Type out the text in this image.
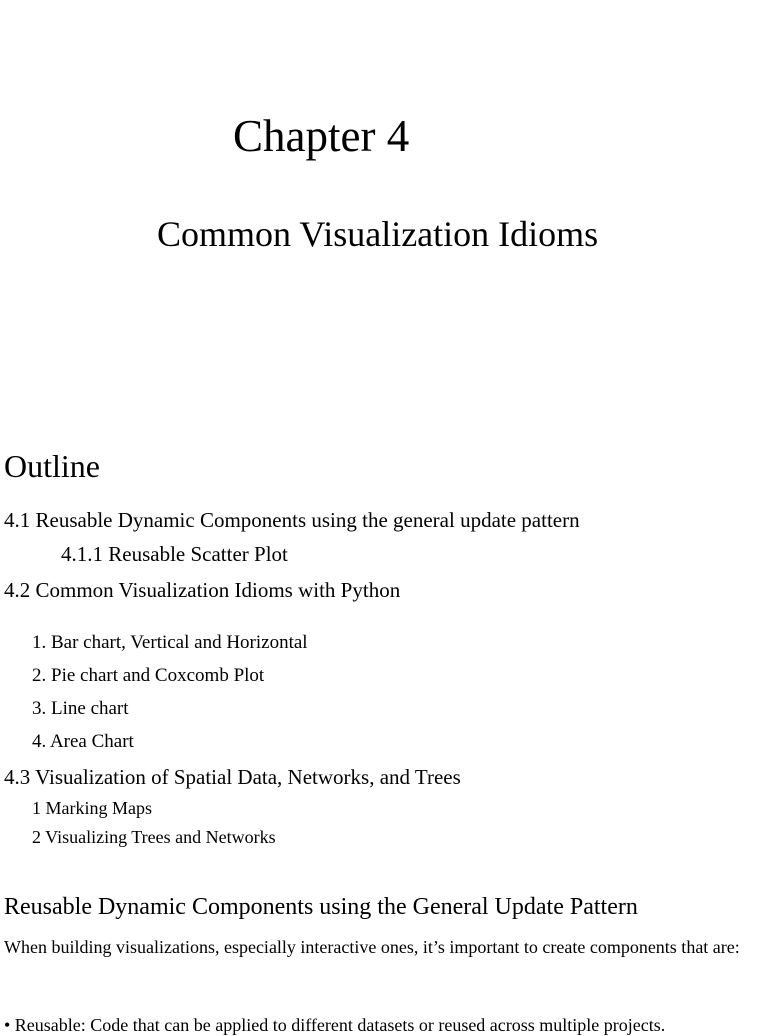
Chapter 4
Common Visualization Idioms
Outline
4.1 Reusable Dynamic Components using the general update pattern
4.1.1 Reusable Scatter Plot
4.2 Common Visualization Idioms with Python
1. Bar chart, Vertical and Horizontal
2. Pie chart and Coxcomb Plot
3. Line chart
4. Area Chart
4.3 Visualization of Spatial Data, Networks, and Trees
1 Marking Maps
2 Visualizing Trees and Networks
Reusable Dynamic Components using the General Update Pattern

When building visualizations, especially interactive ones, it’s important to create components that are:

• Reusable: Code that can be applied to different datasets or reused across multiple projects.
